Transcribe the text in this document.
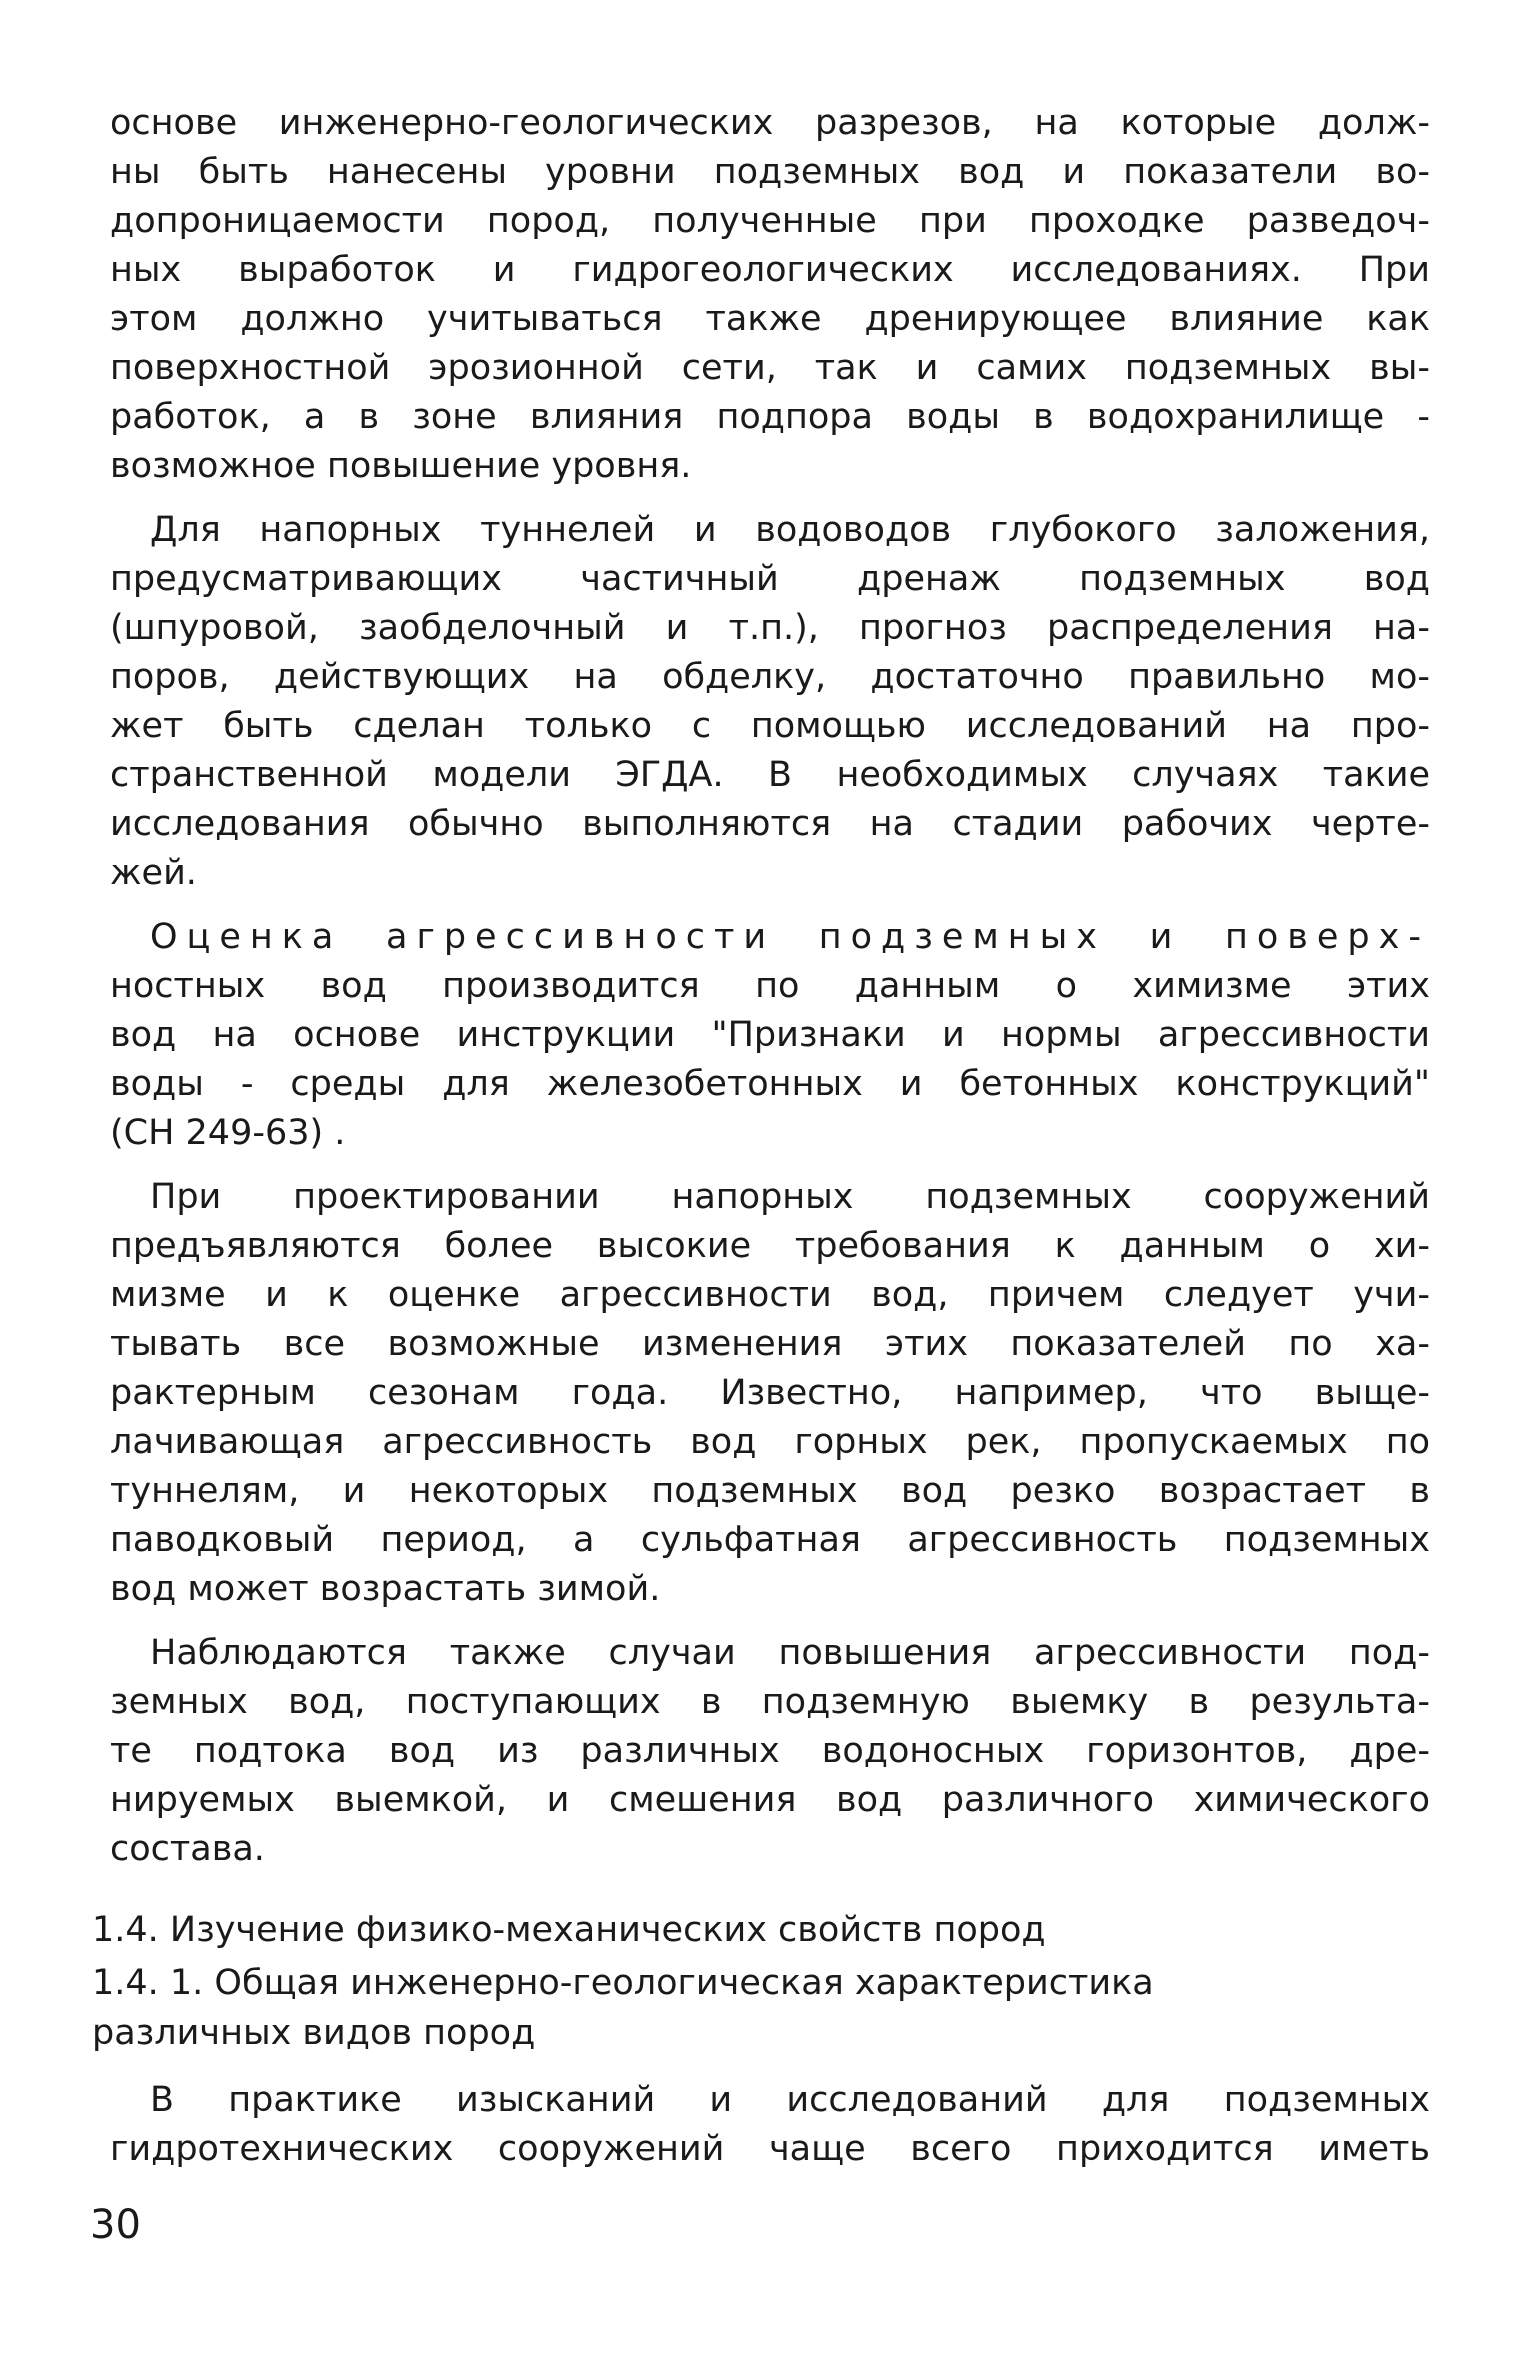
основе инженерно-геологических разрезов, на которые долж-
ны быть нанесены уровни подземных вод и показатели во-
допроницаемости пород, полученные при проходке разведоч-
ных выработок и гидрогеологических исследованиях. При
этом должно учитываться также дренирующее влияние как
поверхностной эрозионной сети, так и самих подземных вы-
работок, а в зоне влияния подпора воды в водохранилище -
возможное повышение уровня.
Для напорных туннелей и водоводов глубокого заложения,
предусматривающих частичный дренаж подземных вод
(шпуровой, заобделочный и т.п.), прогноз распределения на-
поров, действующих на обделку, достаточно правильно мо-
жет быть сделан только с помощью исследований на про-
странственной модели ЭГДА. В необходимых случаях такие
исследования обычно выполняются на стадии рабочих черте-
жей.
Оценка агрессивности подземных и поверх-
ностных вод производится по данным о химизме этих
вод на основе инструкции "Признаки и нормы агрессивности
воды - среды для железобетонных и бетонных конструкций"
(СН 249-63) .
При проектировании напорных подземных сооружений
предъявляются более высокие требования к данным о хи-
мизме и к оценке агрессивности вод, причем следует учи-
тывать все возможные изменения этих показателей по ха-
рактерным сезонам года. Известно, например, что выще-
лачивающая агрессивность вод горных рек, пропускаемых по
туннелям, и некоторых подземных вод резко возрастает в
паводковый период, а сульфатная агрессивность подземных
вод может возрастать зимой.
Наблюдаются также случаи повышения агрессивности под-
земных вод, поступающих в подземную выемку в результа-
те подтока вод из различных водоносных горизонтов, дре-
нируемых выемкой, и смешения вод различного химического
состава.
1.4. Изучение физико-механических свойств пород
1.4. 1. Общая инженерно-геологическая характеристика
различных видов пород
В практике изысканий и исследований для подземных
гидротехнических сооружений чаще всего приходится иметь
30
